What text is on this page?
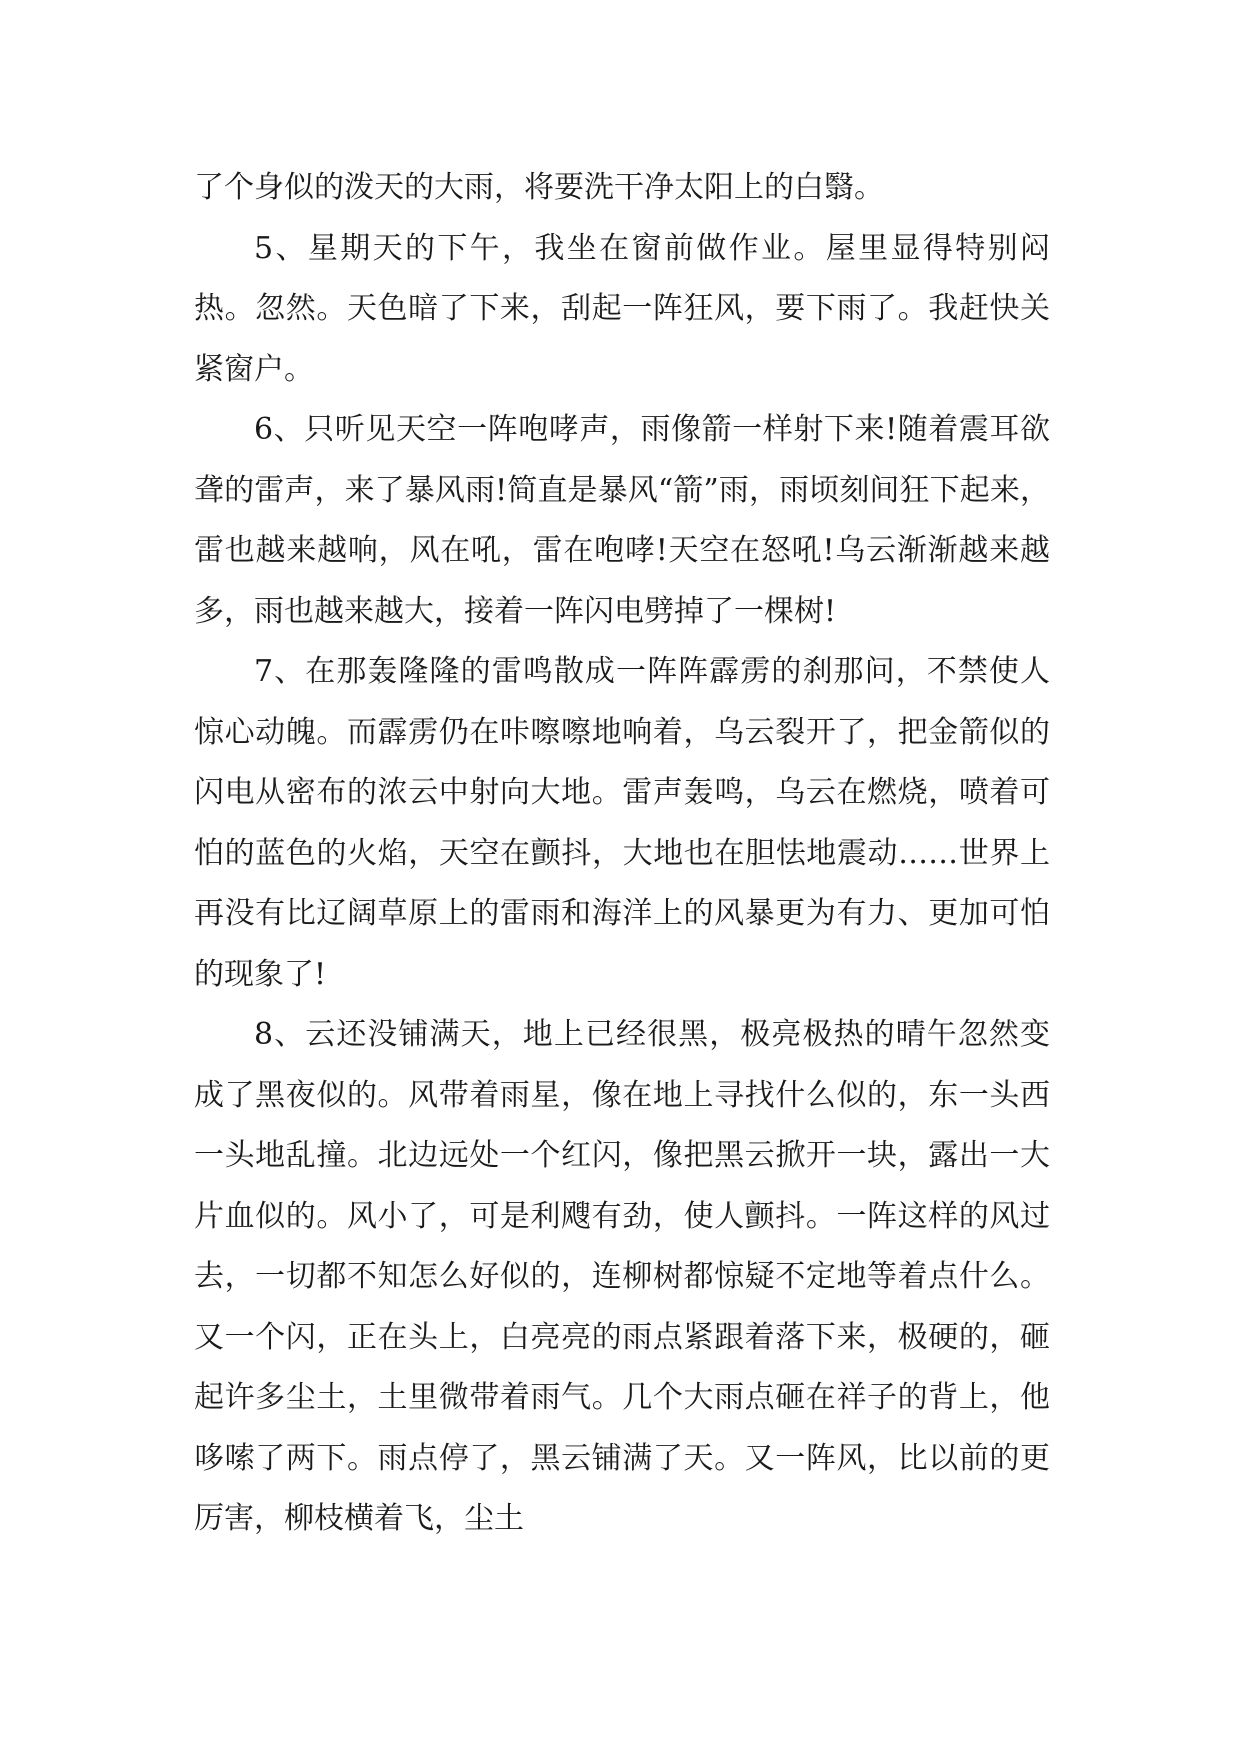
了个身似的泼天的大雨，将要洗干净太阳上的白翳。

5、星期天的下午，我坐在窗前做作业。屋里显得特别闷热。忽然。天色暗了下来，刮起一阵狂风，要下雨了。我赶快关紧窗户。

6、只听见天空一阵咆哮声，雨像箭一样射下来!随着震耳欲聋的雷声，来了暴风雨!简直是暴风“箭”雨，雨顷刻间狂下起来，雷也越来越响，风在吼，雷在咆哮!天空在怒吼!乌云渐渐越来越多，雨也越来越大，接着一阵闪电劈掉了一棵树!

7、在那轰隆隆的雷鸣散成一阵阵霹雳的刹那问，不禁使人惊心动魄。而霹雳仍在咔嚓嚓地响着，乌云裂开了，把金箭似的闪电从密布的浓云中射向大地。雷声轰鸣，乌云在燃烧，喷着可怕的蓝色的火焰，天空在颤抖，大地也在胆怯地震动……世界上再没有比辽阔草原上的雷雨和海洋上的风暴更为有力、更加可怕的现象了!

8、云还没铺满天，地上已经很黑，极亮极热的晴午忽然变成了黑夜似的。风带着雨星，像在地上寻找什么似的，东一头西一头地乱撞。北边远处一个红闪，像把黑云掀开一块，露出一大片血似的。风小了，可是利飕有劲，使人颤抖。一阵这样的风过去，一切都不知怎么好似的，连柳树都惊疑不定地等着点什么。又一个闪，正在头上，白亮亮的雨点紧跟着落下来，极硬的，砸起许多尘土，土里微带着雨气。几个大雨点砸在祥子的背上，他哆嗦了两下。雨点停了，黑云铺满了天。又一阵风，比以前的更厉害，柳枝横着飞，尘土
